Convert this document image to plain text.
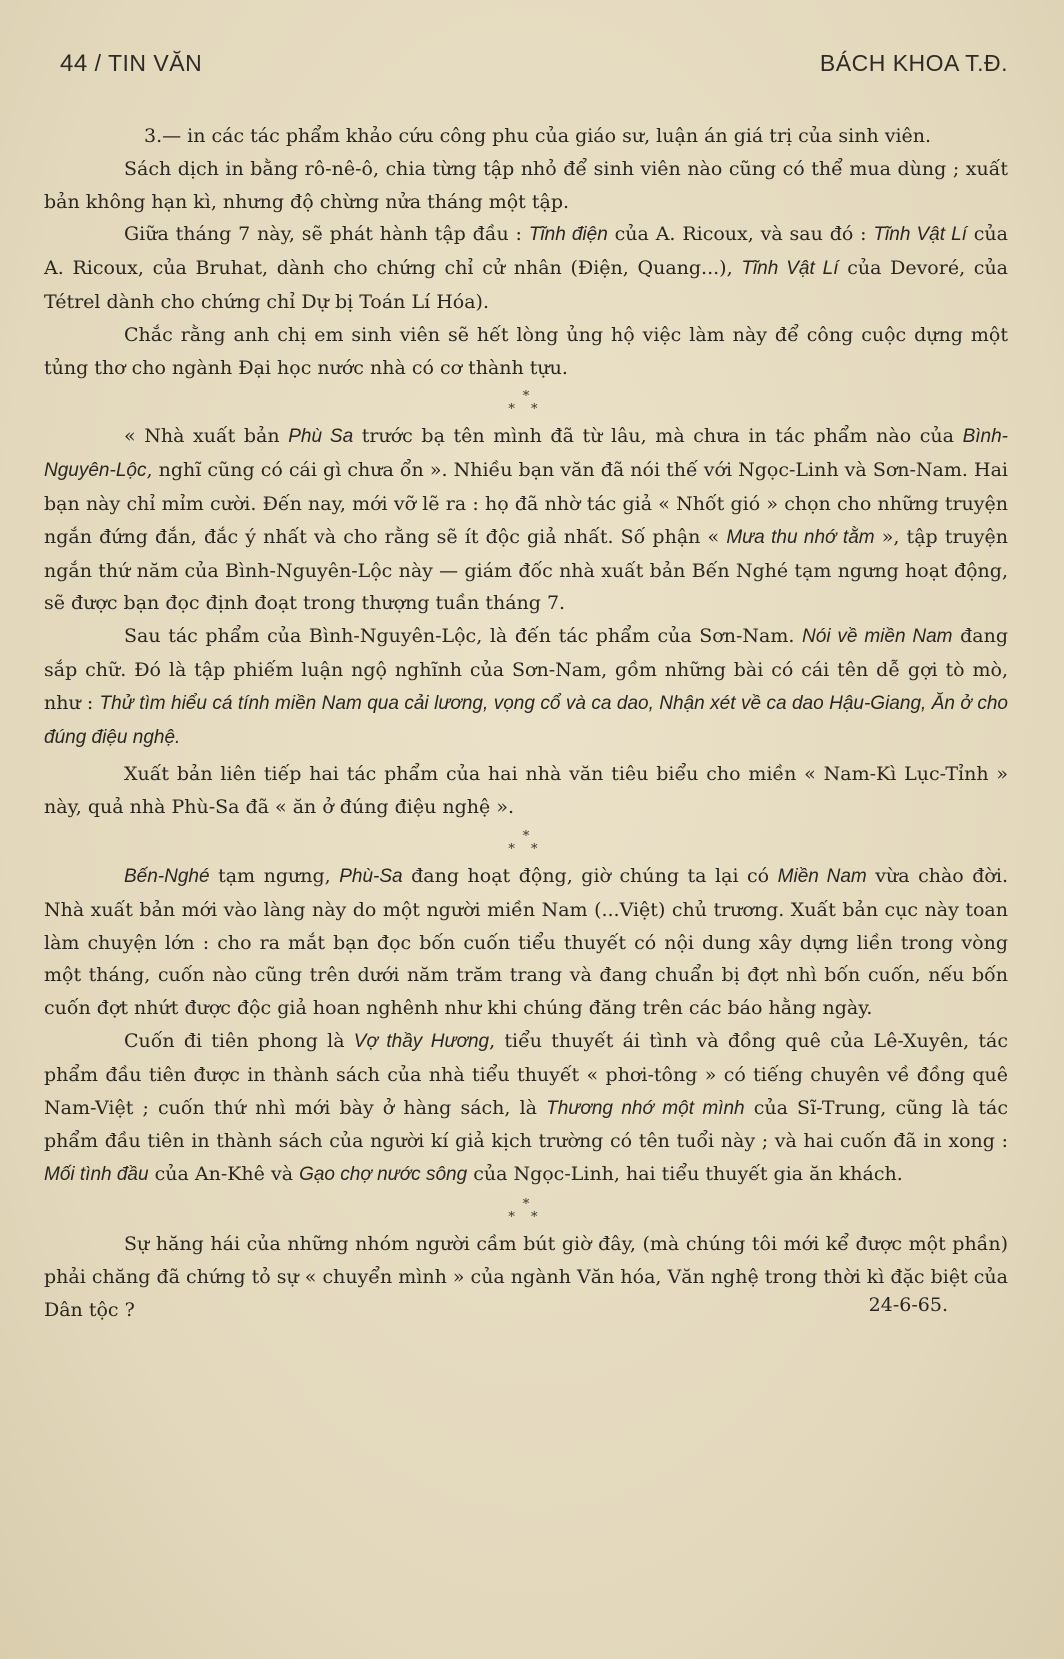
44 / TIN VĂN	BÁCH KHOA T.Đ.

3.— in các tác phẩm khảo cứu công phu của giáo sư, luận án giá trị của sinh viên.

Sách dịch in bằng rô-nê-ô, chia từng tập nhỏ để sinh viên nào cũng có thể mua dùng ; xuất bản không hạn kì, nhưng độ chừng nửa tháng một tập.

Giữa tháng 7 này, sẽ phát hành tập đầu : Tĩnh điện của A. Ricoux, và sau đó : Tĩnh Vật Lí của A. Ricoux, của Bruhat, dành cho chứng chỉ cử nhân (Điện, Quang...), Tĩnh Vật Lí của Devoré, của Tétrel dành cho chứng chỉ Dự bị Toán Lí Hóa).

Chắc rằng anh chị em sinh viên sẽ hết lòng ủng hộ việc làm này để công cuộc dựng một tủng thơ cho ngành Đại học nước nhà có cơ thành tựu.

*
* *

« Nhà xuất bản Phù Sa trước bạ tên mình đã từ lâu, mà chưa in tác phẩm nào của Bình-Nguyên-Lộc, nghĩ cũng có cái gì chưa ổn ». Nhiều bạn văn đã nói thế với Ngọc-Linh và Sơn-Nam. Hai bạn này chỉ mỉm cười. Đến nay, mới vỡ lẽ ra : họ đã nhờ tác giả « Nhốt gió » chọn cho những truyện ngắn đứng đắn, đắc ý nhất và cho rằng sẽ ít độc giả nhất. Số phận « Mưa thu nhớ tằm », tập truyện ngắn thứ năm của Bình-Nguyên-Lộc này — giám đốc nhà xuất bản Bến Nghé tạm ngưng hoạt động, sẽ được bạn đọc định đoạt trong thượng tuần tháng 7.

Sau tác phẩm của Bình-Nguyên-Lộc, là đến tác phẩm của Sơn-Nam. Nói về miền Nam đang sắp chữ. Đó là tập phiếm luận ngộ nghĩnh của Sơn-Nam, gồm những bài có cái tên dễ gợi tò mò, như : Thử tìm hiểu cá tính miền Nam qua cải lương, vọng cổ và ca dao, Nhận xét về ca dao Hậu-Giang, Ăn ở cho đúng điệu nghệ.

Xuất bản liên tiếp hai tác phẩm của hai nhà văn tiêu biểu cho miền « Nam-Kì Lục-Tỉnh » này, quả nhà Phù-Sa đã « ăn ở đúng điệu nghệ ».

*
* *

Bến-Nghé tạm ngưng, Phù-Sa đang hoạt động, giờ chúng ta lại có Miền Nam vừa chào đời. Nhà xuất bản mới vào làng này do một người miền Nam (...Việt) chủ trương. Xuất bản cục này toan làm chuyện lớn : cho ra mắt bạn đọc bốn cuốn tiểu thuyết có nội dung xây dựng liền trong vòng một tháng, cuốn nào cũng trên dưới năm trăm trang và đang chuẩn bị đợt nhì bốn cuốn, nếu bốn cuốn đợt nhứt được độc giả hoan nghênh như khi chúng đăng trên các báo hằng ngày.

Cuốn đi tiên phong là Vợ thầy Hương, tiểu thuyết ái tình và đồng quê của Lê-Xuyên, tác phẩm đầu tiên được in thành sách của nhà tiểu thuyết « phơi-tông » có tiếng chuyên về đồng quê Nam-Việt ; cuốn thứ nhì mới bày ở hàng sách, là Thương nhớ một mình của Sĩ-Trung, cũng là tác phẩm đầu tiên in thành sách của người kí giả kịch trường có tên tuổi này ; và hai cuốn đã in xong : Mối tình đầu của An-Khê và Gạo chợ nước sông của Ngọc-Linh, hai tiểu thuyết gia ăn khách.

*
* *

Sự hăng hái của những nhóm người cầm bút giờ đây, (mà chúng tôi mới kể được một phần) phải chăng đã chứng tỏ sự « chuyển mình » của ngành Văn hóa, Văn nghệ trong thời kì đặc biệt của Dân tộc ?	24-6-65.
